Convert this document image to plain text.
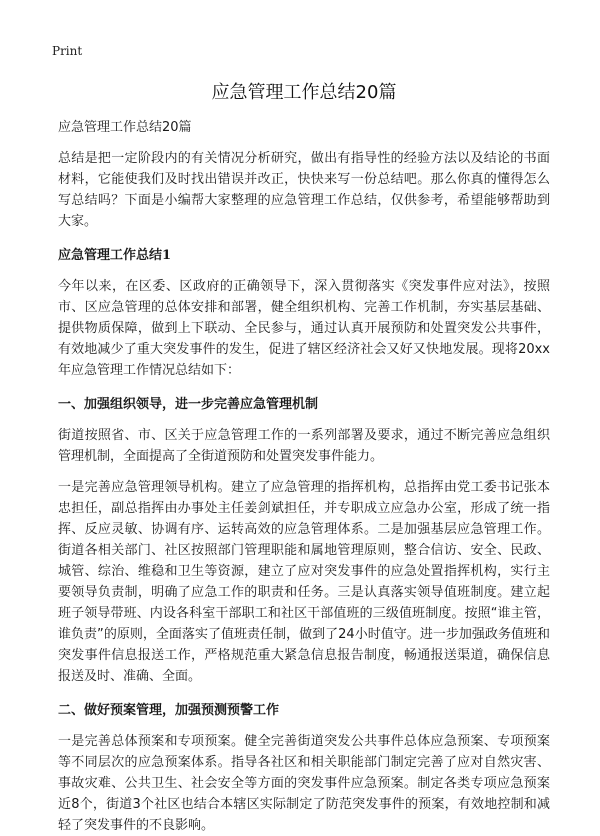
Print
应急管理工作总结20篇
应急管理工作总结20篇

总结是把一定阶段内的有关情况分析研究，做出有指导性的经验方法以及结论的书面材料，它能使我们及时找出错误并改正，快快来写一份总结吧。那么你真的懂得怎么写总结吗？下面是小编帮大家整理的应急管理工作总结，仅供参考，希望能够帮助到大家。

应急管理工作总结1

今年以来，在区委、区政府的正确领导下，深入贯彻落实《突发事件应对法》，按照市、区应急管理的总体安排和部署，健全组织机构、完善工作机制，夯实基层基础、提供物质保障，做到上下联动、全民参与，通过认真开展预防和处置突发公共事件，有效地减少了重大突发事件的发生，促进了辖区经济社会又好又快地发展。现将20xx年应急管理工作情况总结如下：

一、加强组织领导，进一步完善应急管理机制

街道按照省、市、区关于应急管理工作的一系列部署及要求，通过不断完善应急组织管理机制，全面提高了全街道预防和处置突发事件能力。

一是完善应急管理领导机构。建立了应急管理的指挥机构，总指挥由党工委书记张本忠担任，副总指挥由办事处主任姜剑斌担任，并专职成立应急办公室，形成了统一指挥、反应灵敏、协调有序、运转高效的应急管理体系。二是加强基层应急管理工作。街道各相关部门、社区按照部门管理职能和属地管理原则，整合信访、安全、民政、城管、综治、维稳和卫生等资源，建立了应对突发事件的应急处置指挥机构，实行主要领导负责制，明确了应急工作的职责和任务。三是认真落实领导值班制度。建立起班子领导带班、内设各科室干部职工和社区干部值班的三级值班制度。按照“谁主管，谁负责”的原则，全面落实了值班责任制，做到了24小时值守。进一步加强政务值班和突发事件信息报送工作，严格规范重大紧急信息报告制度，畅通报送渠道，确保信息报送及时、准确、全面。

二、做好预案管理，加强预测预警工作

一是完善总体预案和专项预案。健全完善街道突发公共事件总体应急预案、专项预案等不同层次的应急预案体系。指导各社区和相关职能部门制定完善了应对自然灾害、事故灾难、公共卫生、社会安全等方面的突发事件应急预案。制定各类专项应急预案近8个，街道3个社区也结合本辖区实际制定了防范突发事件的预案，有效地控制和减轻了突发事件的不良影响。
